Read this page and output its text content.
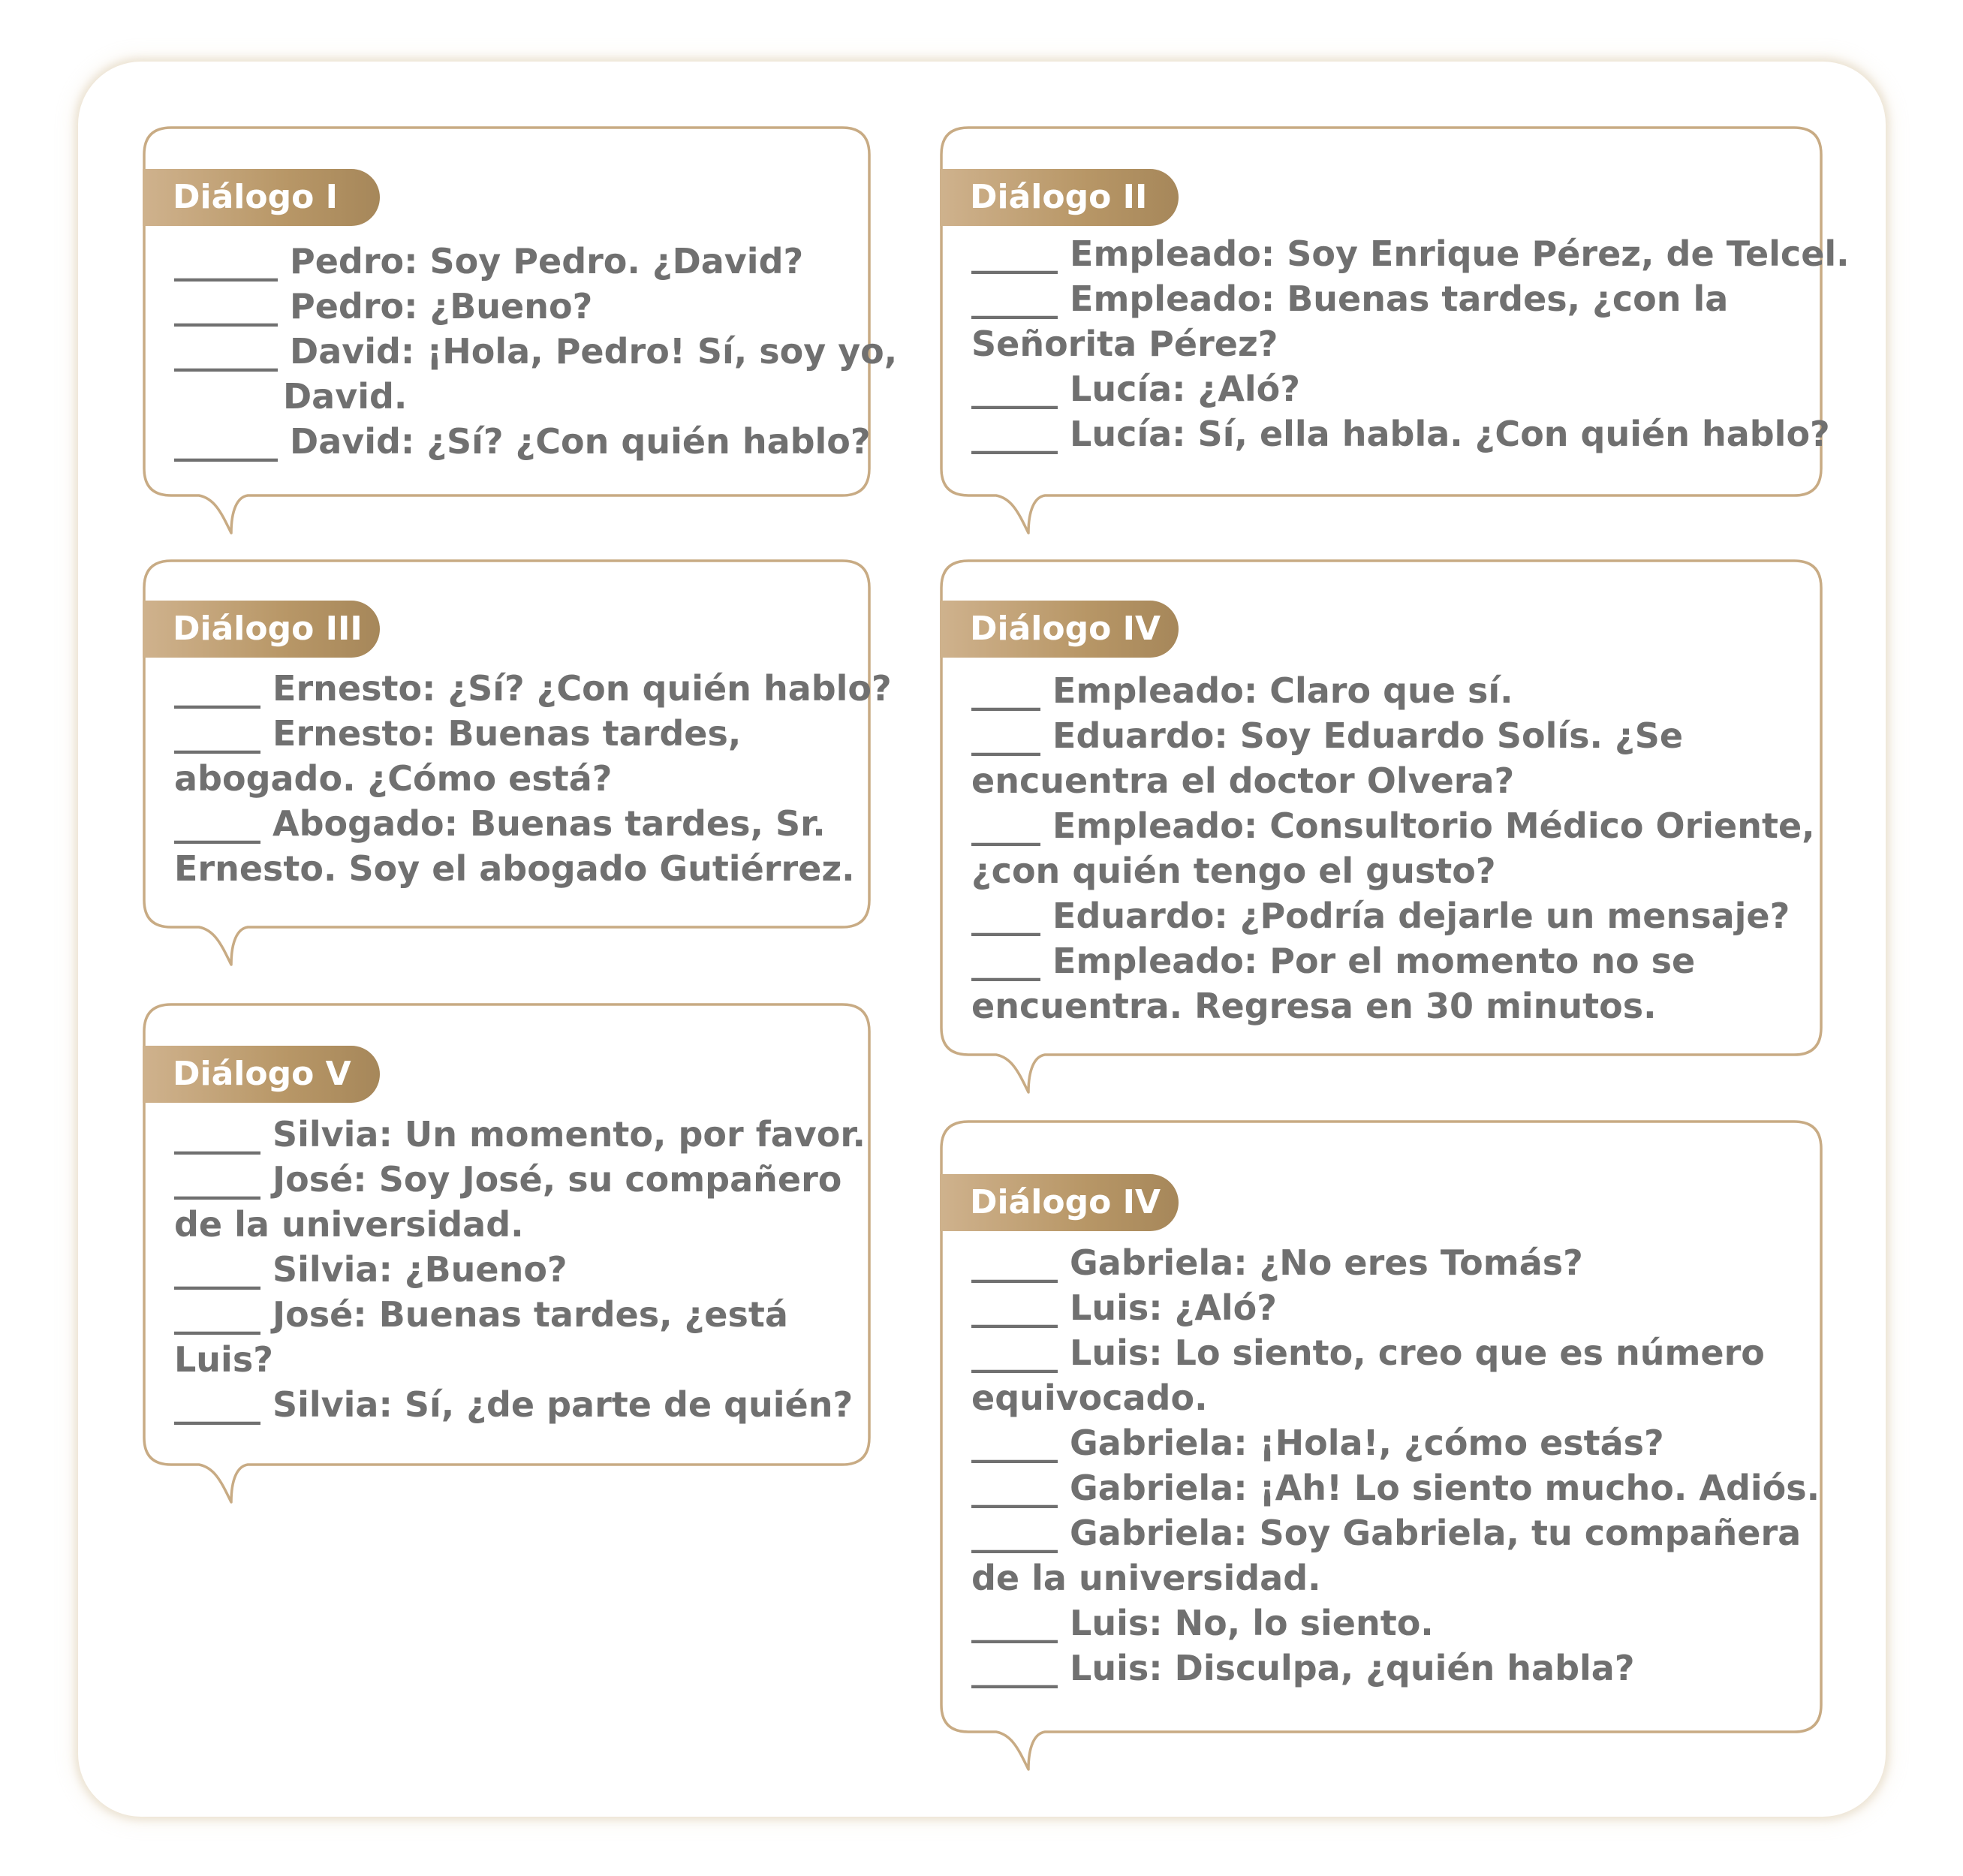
Diálogo I
______ Pedro: Soy Pedro. ¿David?
______ Pedro: ¿Bueno?
______ David: ¡Hola, Pedro! Sí, soy yo,
David.
______ David: ¿Sí? ¿Con quién hablo?
Diálogo II
_____ Empleado: Soy Enrique Pérez, de Telcel.
_____ Empleado: Buenas tardes, ¿con la
Señorita Pérez?
_____ Lucía: ¿Aló?
_____ Lucía: Sí, ella habla. ¿Con quién hablo?
Diálogo III
_____ Ernesto: ¿Sí? ¿Con quién hablo?
_____ Ernesto: Buenas tardes,
abogado. ¿Cómo está?
_____ Abogado: Buenas tardes, Sr.
Ernesto. Soy el abogado Gutiérrez.
Diálogo IV
____ Empleado: Claro que sí.
____ Eduardo: Soy Eduardo Solís. ¿Se
encuentra el doctor Olvera?
____ Empleado: Consultorio Médico Oriente,
¿con quién tengo el gusto?
____ Eduardo: ¿Podría dejarle un mensaje?
____ Empleado: Por el momento no se
encuentra. Regresa en 30 minutos.
Diálogo V
_____ Silvia: Un momento, por favor.
_____ José: Soy José, su compañero
de la universidad.
_____ Silvia: ¿Bueno?
_____ José: Buenas tardes, ¿está
Luis?
_____ Silvia: Sí, ¿de parte de quién?
Diálogo IV
_____ Gabriela: ¿No eres Tomás?
_____ Luis: ¿Aló?
_____ Luis: Lo siento, creo que es número
equivocado.
_____ Gabriela: ¡Hola!, ¿cómo estás?
_____ Gabriela: ¡Ah! Lo siento mucho. Adiós.
_____ Gabriela: Soy Gabriela, tu compañera
de la universidad.
_____ Luis: No, lo siento.
_____ Luis: Disculpa, ¿quién habla?
